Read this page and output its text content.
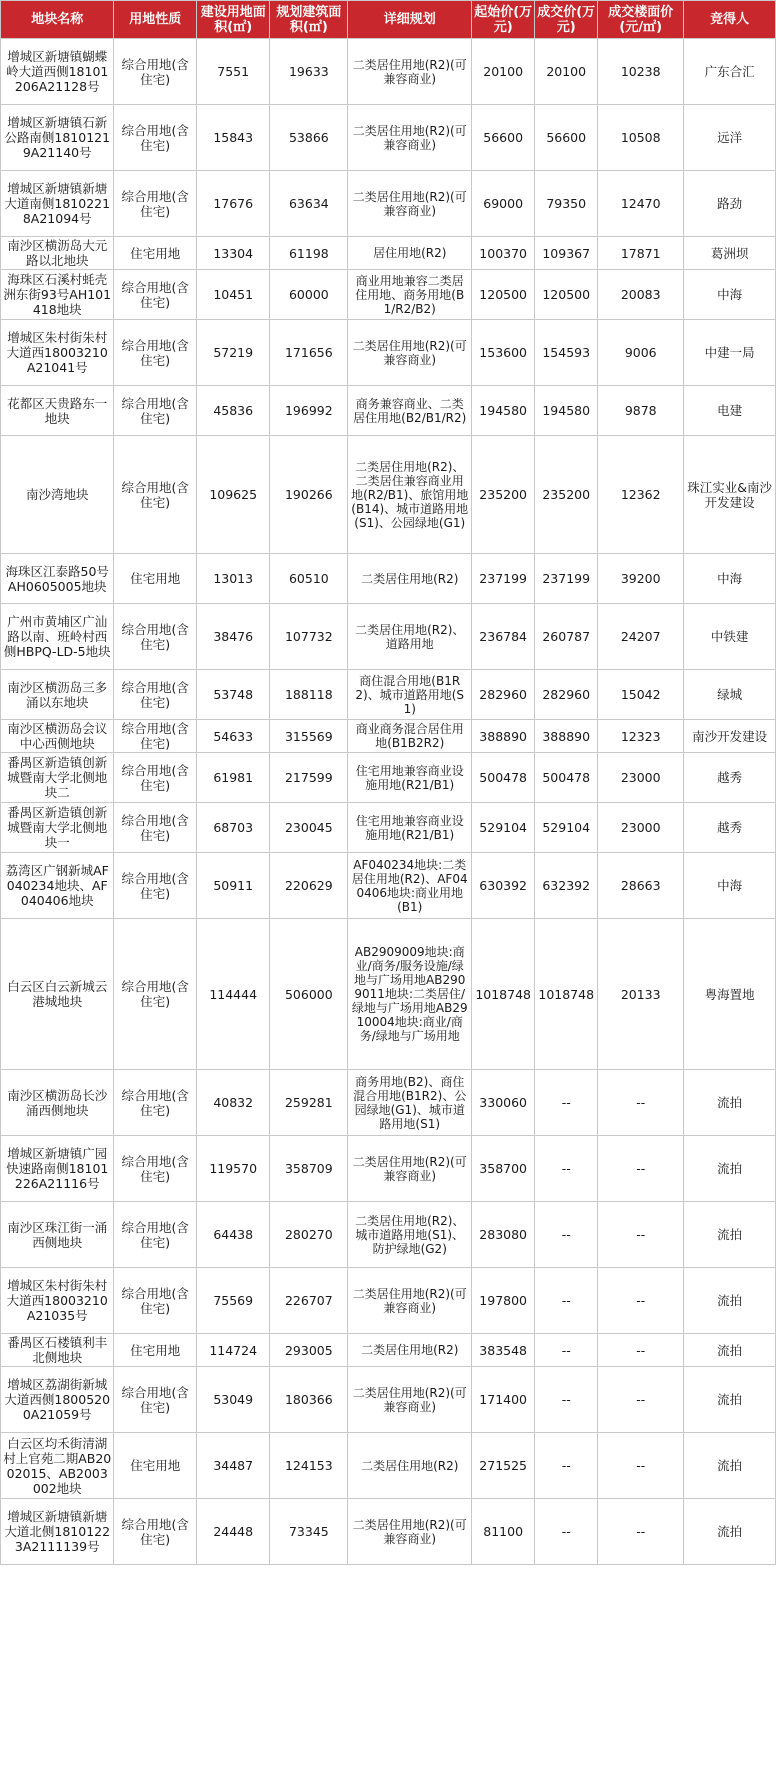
地块名称	用地性质	建设用地面积(㎡)	规划建筑面积(㎡)	详细规划	起始价(万元)	成交价(万元)	成交楼面价(元/㎡)	竞得人
增城区新塘镇蝴蝶岭大道西侧18101206A21128号	综合用地(含住宅)	7551	19633	二类居住用地(R2)(可兼容商业)	20100	20100	10238	广东合汇
增城区新塘镇石新公路南侧18101219A21140号	综合用地(含住宅)	15843	53866	二类居住用地(R2)(可兼容商业)	56600	56600	10508	远洋
增城区新塘镇新塘大道南侧18102218A21094号	综合用地(含住宅)	17676	63634	二类居住用地(R2)(可兼容商业)	69000	79350	12470	路劲
南沙区横沥岛大元路以北地块	住宅用地	13304	61198	居住用地(R2)	100370	109367	17871	葛洲坝
海珠区石溪村蚝壳洲东街93号AH101418地块	综合用地(含住宅)	10451	60000	商业用地兼容二类居住用地、商务用地(B1/R2/B2)	120500	120500	20083	中海
增城区朱村街朱村大道西18003210A21041号	综合用地(含住宅)	57219	171656	二类居住用地(R2)(可兼容商业)	153600	154593	9006	中建一局
花都区天贵路东一地块	综合用地(含住宅)	45836	196992	商务兼容商业、二类居住用地(B2/B1/R2)	194580	194580	9878	电建
南沙湾地块	综合用地(含住宅)	109625	190266	二类居住用地(R2)、二类居住兼容商业用地(R2/B1)、旅馆用地(B14)、城市道路用地(S1)、公园绿地(G1)	235200	235200	12362	珠江实业&南沙开发建设
海珠区江泰路50号AH0605005地块	住宅用地	13013	60510	二类居住用地(R2)	237199	237199	39200	中海
广州市黄埔区广汕路以南、班岭村西侧HBPQ-LD-5地块	综合用地(含住宅)	38476	107732	二类居住用地(R2)、道路用地	236784	260787	24207	中铁建
南沙区横沥岛三多涌以东地块	综合用地(含住宅)	53748	188118	商住混合用地(B1R2)、城市道路用地(S1)	282960	282960	15042	绿城
南沙区横沥岛会议中心西侧地块	综合用地(含住宅)	54633	315569	商业商务混合居住用地(B1B2R2)	388890	388890	12323	南沙开发建设
番禺区新造镇创新城暨南大学北侧地块二	综合用地(含住宅)	61981	217599	住宅用地兼容商业设施用地(R21/B1)	500478	500478	23000	越秀
番禺区新造镇创新城暨南大学北侧地块一	综合用地(含住宅)	68703	230045	住宅用地兼容商业设施用地(R21/B1)	529104	529104	23000	越秀
荔湾区广钢新城AF040234地块、AF040406地块	综合用地(含住宅)	50911	220629	AF040234地块:二类居住用地(R2)、AF040406地块:商业用地(B1)	630392	632392	28663	中海
白云区白云新城云港城地块	综合用地(含住宅)	114444	506000	AB2909009地块:商业/商务/服务设施/绿地与广场用地AB2909011地块:二类居住/绿地与广场用地AB2910004地块:商业/商务/绿地与广场用地	1018748	1018748	20133	粤海置地
南沙区横沥岛长沙涌西侧地块	综合用地(含住宅)	40832	259281	商务用地(B2)、商住混合用地(B1R2)、公园绿地(G1)、城市道路用地(S1)	330060	--	--	流拍
增城区新塘镇广园快速路南侧18101226A21116号	综合用地(含住宅)	119570	358709	二类居住用地(R2)(可兼容商业)	358700	--	--	流拍
南沙区珠江街一涌西侧地块	综合用地(含住宅)	64438	280270	二类居住用地(R2)、城市道路用地(S1)、防护绿地(G2)	283080	--	--	流拍
增城区朱村街朱村大道西18003210A21035号	综合用地(含住宅)	75569	226707	二类居住用地(R2)(可兼容商业)	197800	--	--	流拍
番禺区石楼镇利丰北侧地块	住宅用地	114724	293005	二类居住用地(R2)	383548	--	--	流拍
增城区荔湖街新城大道西侧18005200A21059号	综合用地(含住宅)	53049	180366	二类居住用地(R2)(可兼容商业)	171400	--	--	流拍
白云区均禾街清湖村上官苑二期AB2002015、AB2003002地块	住宅用地	34487	124153	二类居住用地(R2)	271525	--	--	流拍
增城区新塘镇新塘大道北侧18101223A2111139号	综合用地(含住宅)	24448	73345	二类居住用地(R2)(可兼容商业)	81100	--	--	流拍
